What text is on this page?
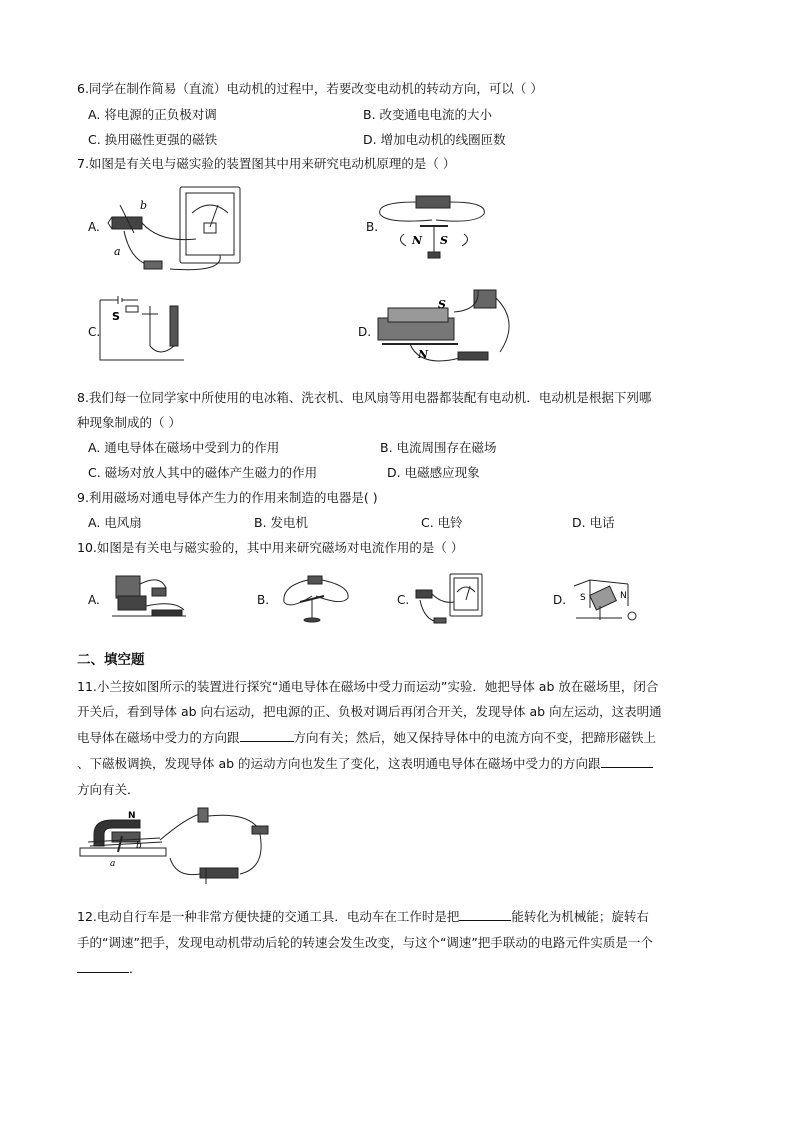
6.同学在制作简易（直流）电动机的过程中，若要改变电动机的转动方向，可以（ ）
A. 将电源的正负极对调	B. 改变通电电流的大小
C. 换用磁性更强的磁铁	D. 增加电动机的线圈匝数
7.如图是有关电与磁实验的装置图其中用来研究电动机原理的是（ ）
A.
b
a
B.
N S
C.
S
D.
S
N
8.我们每一位同学家中所使用的电冰箱、洗衣机、电风扇等用电器都装配有电动机．电动机是根据下列哪
种现象制成的（ ）
A. 通电导体在磁场中受到力的作用	B. 电流周围存在磁场
C. 磁场对放人其中的磁体产生磁力的作用	D. 电磁感应现象
9.利用磁场对通电导体产生力的作用来制造的电器是( )
A. 电风扇	B. 发电机	C. 电铃	D. 电话
10.如图是有关电与磁实验的，其中用来研究磁场对电流作用的是（ ）
A.	B.	C.	D. S	N
二、填空题
11.小兰按如图所示的装置进行探究“通电导体在磁场中受力而运动”实验．她把导体 ab 放在磁场里，闭合
开关后，看到导体 ab 向右运动，把电源的正、负极对调后再闭合开关，发现导体 ab 向左运动，这表明通
电导体在磁场中受力的方向跟	方向有关；然后，她又保持导体中的电流方向不变，把蹄形磁铁上
、下磁极调换，发现导体 ab 的运动方向也发生了变化，这表明通电导体在磁场中受力的方向跟
方向有关．
N
b
a
12.电动自行车是一种非常方便快捷的交通工具．电动车在工作时是把	能转化为机械能；旋转右
手的“调速”把手，发现电动机带动后轮的转速会发生改变，与这个“调速”把手联动的电路元件实质是一个
．
